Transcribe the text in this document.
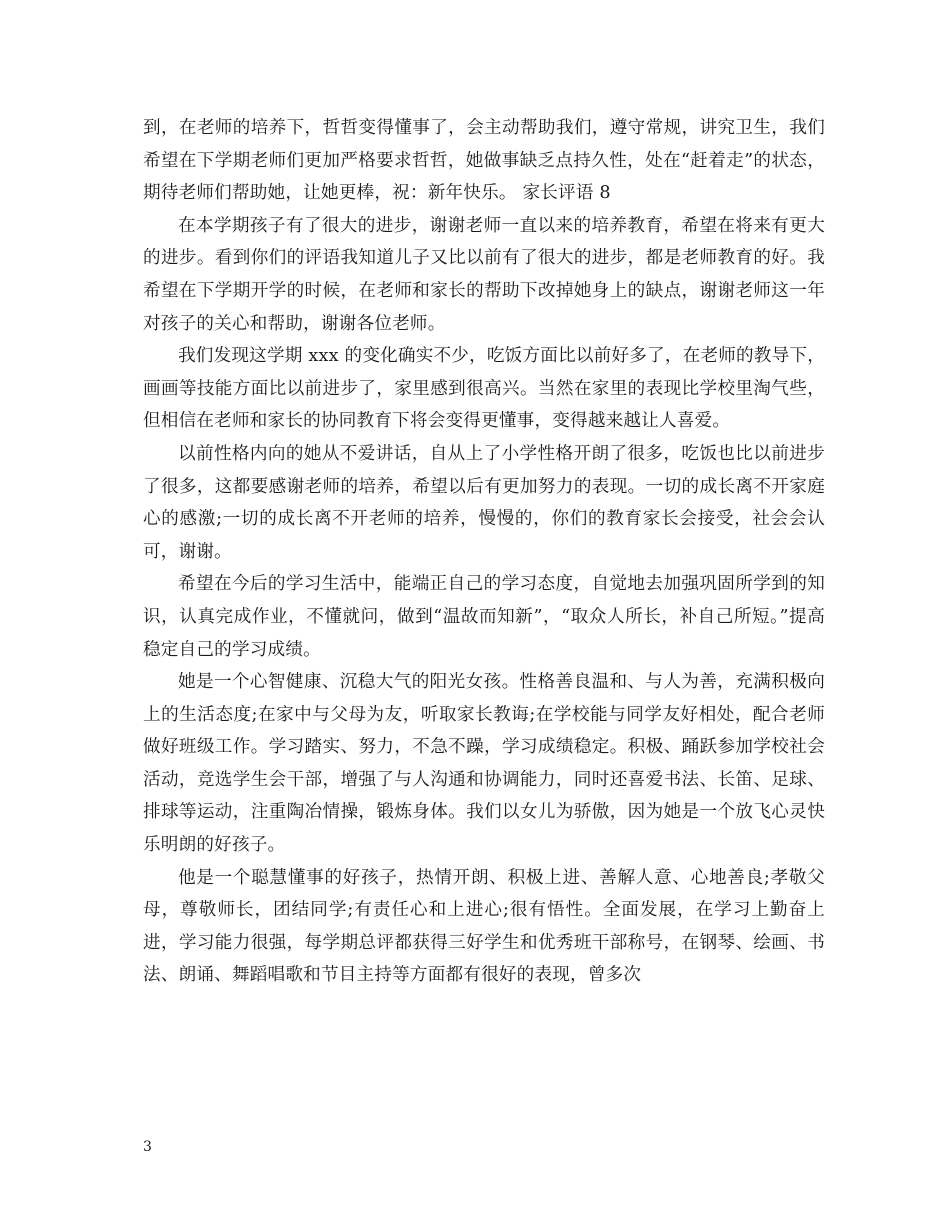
到，在老师的培养下，哲哲变得懂事了，会主动帮助我们，遵守常规，讲究卫生，我们希望在下学期老师们更加严格要求哲哲，她做事缺乏点持久性，处在“赶着走”的状态，期待老师们帮助她，让她更棒，祝：新年快乐。 家长评语 8

在本学期孩子有了很大的进步，谢谢老师一直以来的培养教育，希望在将来有更大的进步。看到你们的评语我知道儿子又比以前有了很大的进步，都是老师教育的好。我希望在下学期开学的时候，在老师和家长的帮助下改掉她身上的缺点，谢谢老师这一年对孩子的关心和帮助，谢谢各位老师。

我们发现这学期 xxx 的变化确实不少，吃饭方面比以前好多了，在老师的教导下，画画等技能方面比以前进步了，家里感到很高兴。当然在家里的表现比学校里淘气些，但相信在老师和家长的协同教育下将会变得更懂事，变得越来越让人喜爱。

以前性格内向的她从不爱讲话，自从上了小学性格开朗了很多，吃饭也比以前进步了很多，这都要感谢老师的培养，希望以后有更加努力的表现。一切的成长离不开家庭心的感激;一切的成长离不开老师的培养，慢慢的，你们的教育家长会接受，社会会认可，谢谢。

希望在今后的学习生活中，能端正自己的学习态度，自觉地去加强巩固所学到的知识，认真完成作业，不懂就问，做到“温故而知新”，“取众人所长，补自己所短。”提高稳定自己的学习成绩。

她是一个心智健康、沉稳大气的阳光女孩。性格善良温和、与人为善，充满积极向上的生活态度;在家中与父母为友，听取家长教诲;在学校能与同学友好相处，配合老师做好班级工作。学习踏实、努力，不急不躁，学习成绩稳定。积极、踊跃参加学校社会活动，竞选学生会干部，增强了与人沟通和协调能力，同时还喜爱书法、长笛、足球、排球等运动，注重陶冶情操，锻炼身体。我们以女儿为骄傲，因为她是一个放飞心灵快乐明朗的好孩子。

他是一个聪慧懂事的好孩子，热情开朗、积极上进、善解人意、心地善良;孝敬父母，尊敬师长，团结同学;有责任心和上进心;很有悟性。全面发展，在学习上勤奋上进，学习能力很强，每学期总评都获得三好学生和优秀班干部称号，在钢琴、绘画、书法、朗诵、舞蹈唱歌和节目主持等方面都有很好的表现，曾多次

3
